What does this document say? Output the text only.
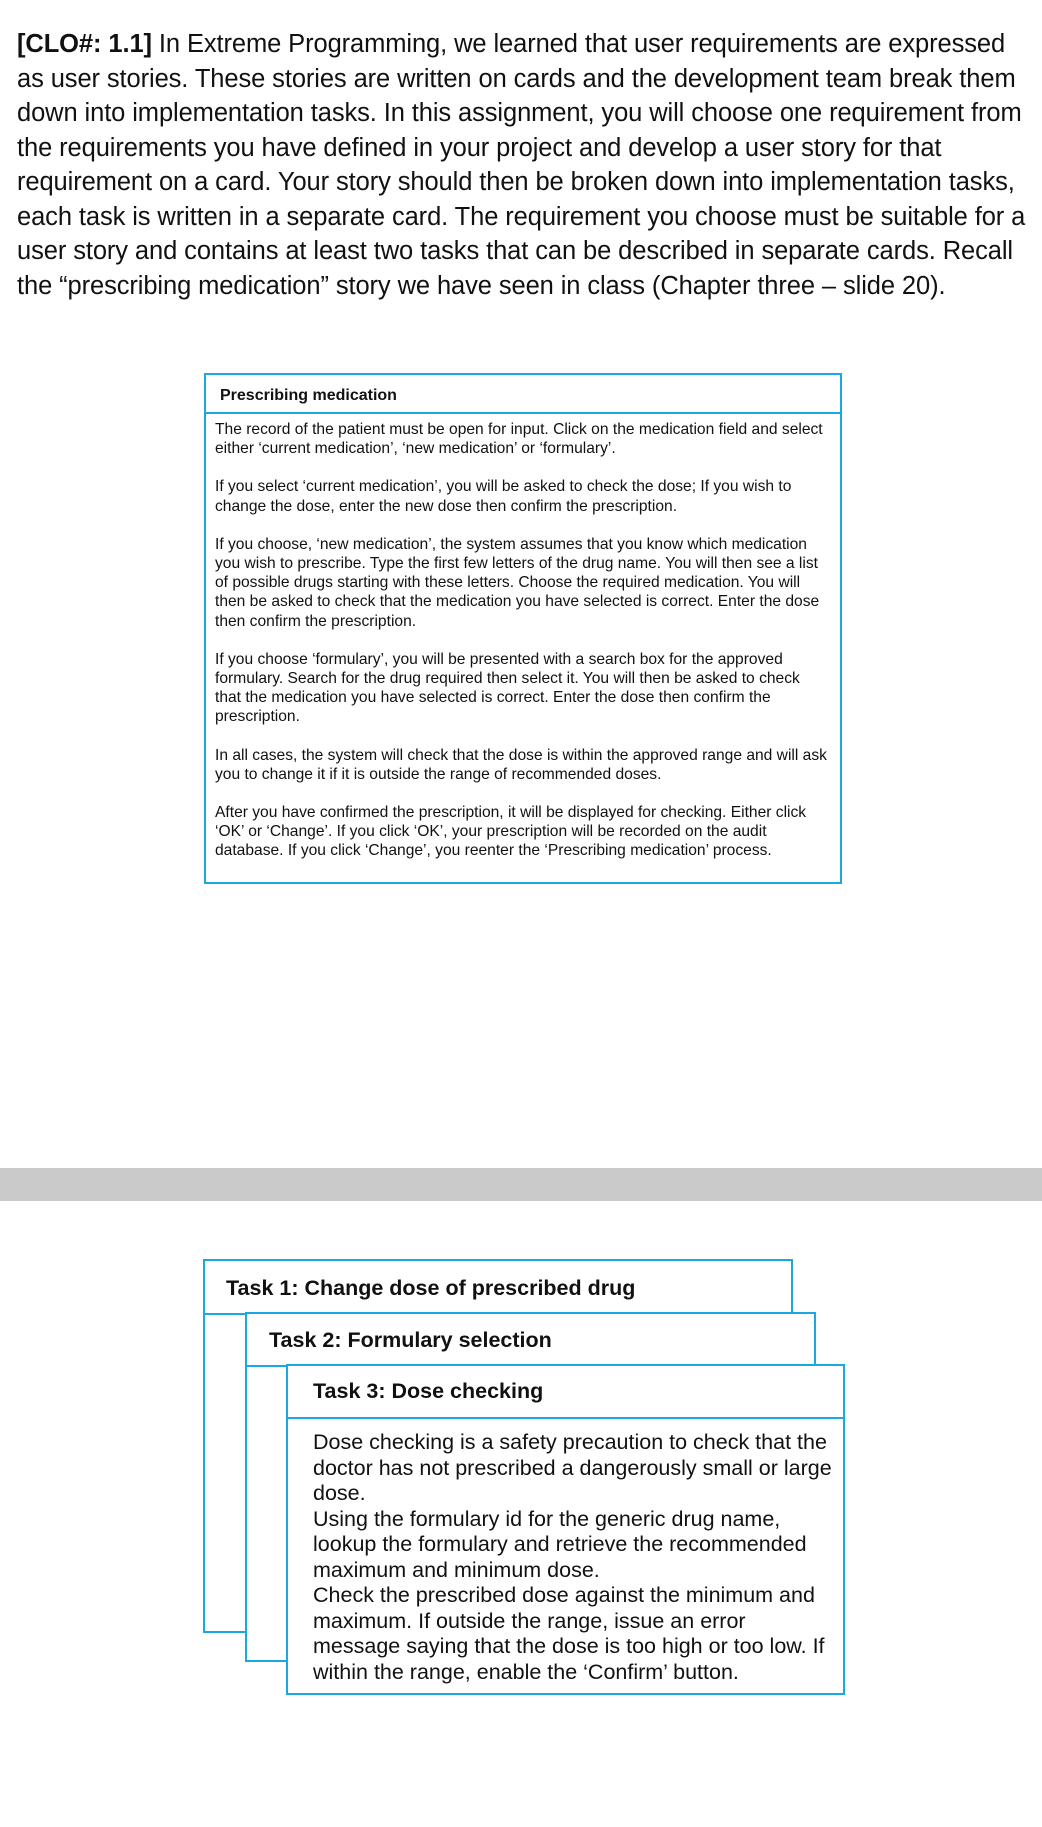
[CLO#: 1.1] In Extreme Programming, we learned that user requirements are expressed as user stories. These stories are written on cards and the development team break them down into implementation tasks. In this assignment, you will choose one requirement from the requirements you have defined in your project and develop a user story for that requirement on a card. Your story should then be broken down into implementation tasks, each task is written in a separate card. The requirement you choose must be suitable for a user story and contains at least two tasks that can be described in separate cards. Recall the “prescribing medication” story we have seen in class (Chapter three – slide 20).

Prescribing medication

The record of the patient must be open for input. Click on the medication field and select either ‘current medication’, ‘new medication’ or ‘formulary’.

If you select ‘current medication’, you will be asked to check the dose; If you wish to change the dose, enter the new dose then confirm the prescription.

If you choose, ‘new medication’, the system assumes that you know which medication you wish to prescribe. Type the first few letters of the drug name. You will then see a list of possible drugs starting with these letters. Choose the required medication. You will then be asked to check that the medication you have selected is correct. Enter the dose then confirm the prescription.

If you choose ‘formulary’, you will be presented with a search box for the approved formulary. Search for the drug required then select it. You will then be asked to check that the medication you have selected is correct. Enter the dose then confirm the prescription.

In all cases, the system will check that the dose is within the approved range and will ask you to change it if it is outside the range of recommended doses.

After you have confirmed the prescription, it will be displayed for checking. Either click ‘OK’ or ‘Change’. If you click ‘OK’, your prescription will be recorded on the audit database. If you click ‘Change’, you reenter the ‘Prescribing medication’ process.

Task 1: Change dose of prescribed drug
Task 2: Formulary selection
Task 3: Dose checking

Dose checking is a safety precaution to check that the doctor has not prescribed a dangerously small or large dose.

Using the formulary id for the generic drug name, lookup the formulary and retrieve the recommended maximum and minimum dose.

Check the prescribed dose against the minimum and maximum. If outside the range, issue an error message saying that the dose is too high or too low. If within the range, enable the ‘Confirm’ button.
